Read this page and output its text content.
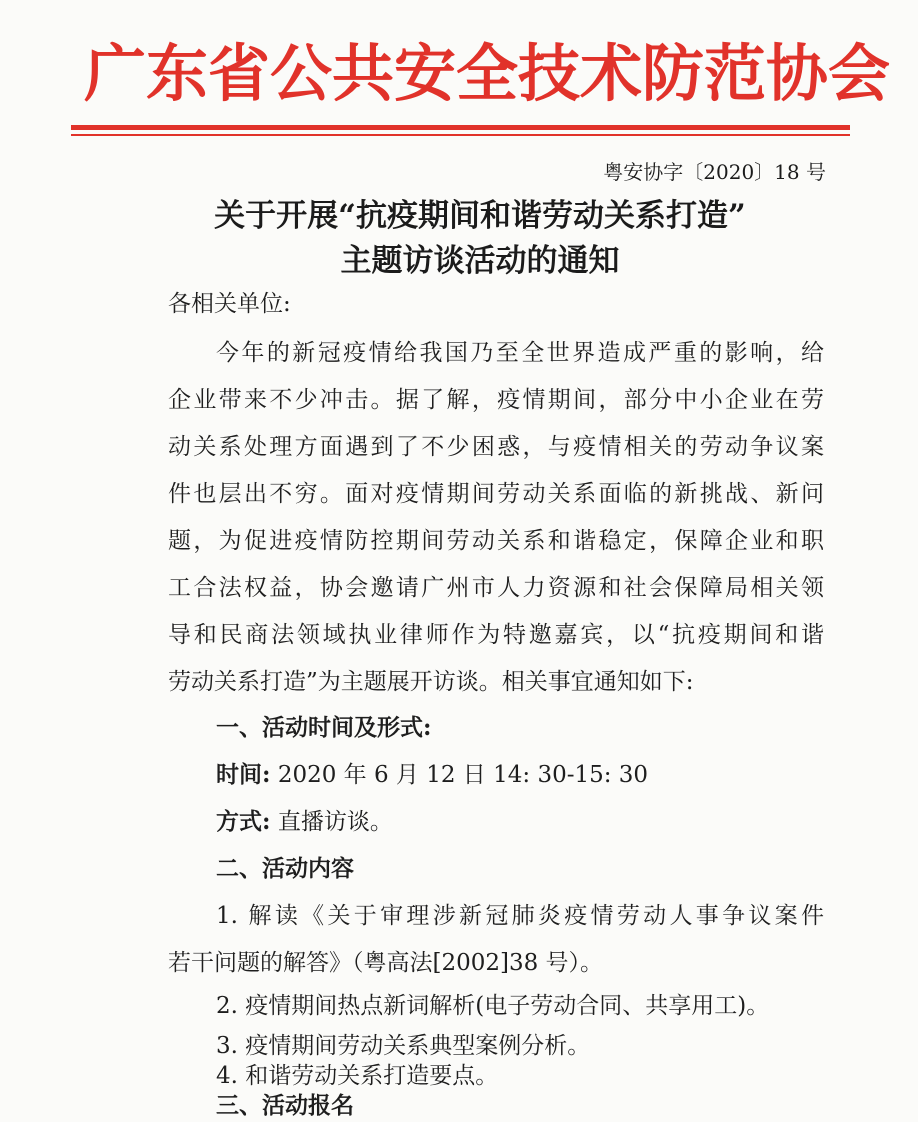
广东省公共安全技术防范协会
粤安协字〔2020〕18 号
关于开展“抗疫期间和谐劳动关系打造”
主题访谈活动的通知
各相关单位:
今年的新冠疫情给我国乃至全世界造成严重的影响，给
企业带来不少冲击。据了解，疫情期间，部分中小企业在劳
动关系处理方面遇到了不少困惑，与疫情相关的劳动争议案
件也层出不穷。面对疫情期间劳动关系面临的新挑战、新问
题，为促进疫情防控期间劳动关系和谐稳定，保障企业和职
工合法权益，协会邀请广州市人力资源和社会保障局相关领
导和民商法领域执业律师作为特邀嘉宾，以“抗疫期间和谐
劳动关系打造”为主题展开访谈。相关事宜通知如下:
一、活动时间及形式:
时间: 2020 年 6 月 12 日 14: 30-15: 30
方式: 直播访谈。
二、活动内容
1. 解读《关于审理涉新冠肺炎疫情劳动人事争议案件
若干问题的解答》（粤高法[2002]38 号）。
2. 疫情期间热点新词解析(电子劳动合同、共享用工)。
3. 疫情期间劳动关系典型案例分析。
4. 和谐劳动关系打造要点。
三、活动报名
